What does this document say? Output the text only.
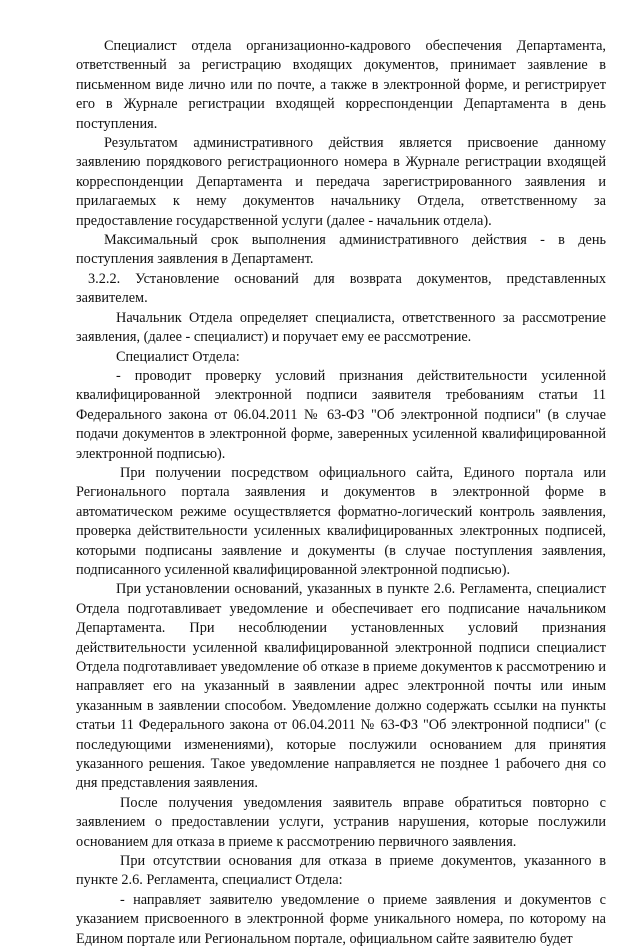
Специалист отдела организационно-кадрового обеспечения Департамента, ответственный за регистрацию входящих документов, принимает заявление в письменном виде лично или по почте, а также в электронной форме, и регистрирует его в Журнале регистрации входящей корреспонденции Департамента в день поступления.

Результатом административного действия является присвоение данному заявлению порядкового регистрационного номера в Журнале регистрации входящей корреспонденции Департамента и передача зарегистрированного заявления и прилагаемых к нему документов начальнику Отдела, ответственному за предоставление государственной услуги (далее - начальник отдела).

Максимальный срок выполнения административного действия - в день поступления заявления в Департамент.

3.2.2. Установление оснований для возврата документов, представленных заявителем.

Начальник Отдела определяет специалиста, ответственного за рассмотрение заявления, (далее - специалист) и поручает ему ее рассмотрение.

Специалист Отдела:

- проводит проверку условий признания действительности усиленной квалифицированной электронной подписи заявителя требованиям статьи 11 Федерального закона от 06.04.2011 № 63-ФЗ "Об электронной подписи" (в случае подачи документов в электронной форме, заверенных усиленной квалифицированной электронной подписью).

При получении посредством официального сайта, Единого портала или Регионального портала заявления и документов в электронной форме в автоматическом режиме осуществляется форматно-логический контроль заявления, проверка действительности усиленных квалифицированных электронных подписей, которыми подписаны заявление и документы (в случае поступления заявления, подписанного усиленной квалифицированной электронной подписью).

При установлении оснований, указанных в пункте 2.6. Регламента, специалист Отдела подготавливает уведомление и обеспечивает его подписание начальником Департамента. При несоблюдении установленных условий признания действительности усиленной квалифицированной электронной подписи специалист Отдела подготавливает уведомление об отказе в приеме документов к рассмотрению и направляет его на указанный в заявлении адрес электронной почты или иным указанным в заявлении способом. Уведомление должно содержать ссылки на пункты статьи 11 Федерального закона от 06.04.2011 № 63-ФЗ "Об электронной подписи" (с последующими изменениями), которые послужили основанием для принятия указанного решения. Такое уведомление направляется не позднее 1 рабочего дня со дня представления заявления.

После получения уведомления заявитель вправе обратиться повторно с заявлением о предоставлении услуги, устранив нарушения, которые послужили основанием для отказа в приеме к рассмотрению первичного заявления.

При отсутствии основания для отказа в приеме документов, указанного в пункте 2.6. Регламента, специалист Отдела:

- направляет заявителю уведомление о приеме заявления и документов с указанием присвоенного в электронной форме уникального номера, по которому на Едином портале или Региональном портале, официальном сайте заявителю будет
